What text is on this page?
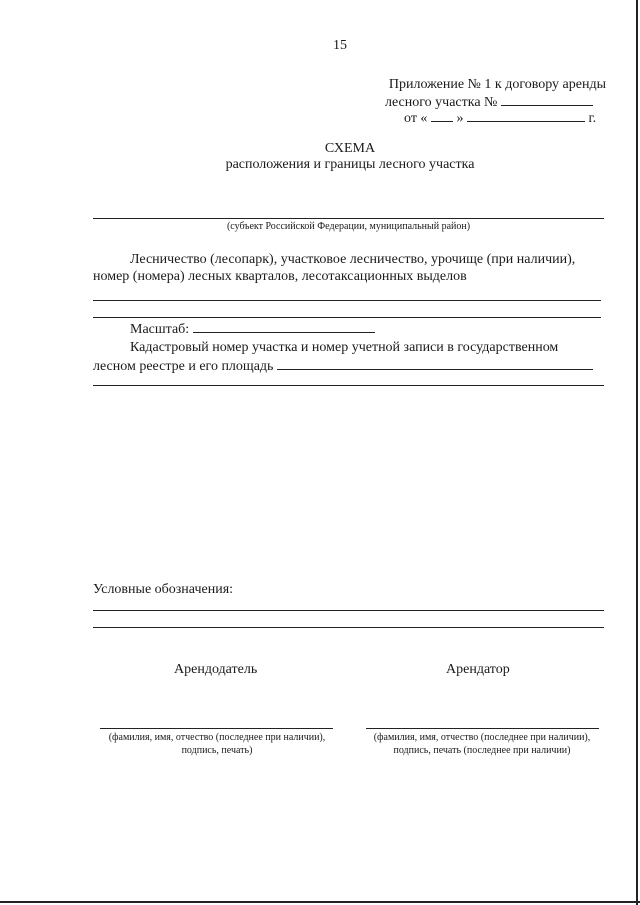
15
Приложение № 1 к договору аренды
лесного участка №
от « »	г.
СХЕМА
расположения и границы лесного участка
(субъект Российской Федерации, муниципальный район)
Лесничество (лесопарк), участковое лесничество, урочище (при наличии),
номер (номера) лесных кварталов, лесотаксационных выделов
Масштаб:
Кадастровый номер участка и номер учетной записи в государственном
лесном реестре и его площадь
Условные обозначения:
Арендодатель	Арендатор
(фамилия, имя, отчество (последнее при наличии),
подпись, печать)
(фамилия, имя, отчество (последнее при наличии),
подпись, печать (последнее при наличии)
